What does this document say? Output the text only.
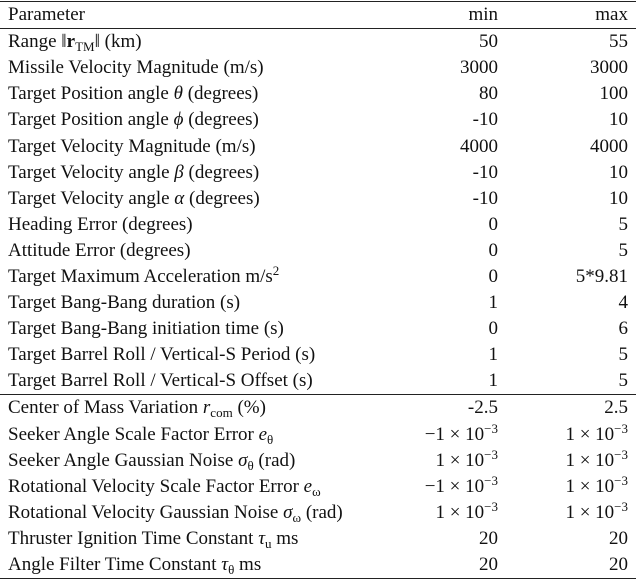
Parameter	min	max
Range $‖r_{TM}‖$ (km)	50	55
Missile Velocity Magnitude (m/s)	3000	3000
Target Position angle θ (degrees)	80	100
Target Position angle ϕ (degrees)	-10	10
Target Velocity Magnitude (m/s)	4000	4000
Target Velocity angle β (degrees)	-10	10
Target Velocity angle α (degrees)	-10	10
Heading Error (degrees)	0	5
Attitude Error (degrees)	0	5
Target Maximum Acceleration $m/s^2$	0	5*9.81
Target Bang-Bang duration (s)	1	4
Target Bang-Bang initiation time (s)	0	6
Target Barrel Roll / Vertical-S Period (s)	1	5
Target Barrel Roll / Vertical-S Offset (s)	1	5
Center of Mass Variation $r_{com}$ (%)	-2.5	2.5
Seeker Angle Scale Factor Error $e_\theta$	$-1 \times 10^{-3}$	$1 \times 10^{-3}$
Seeker Angle Gaussian Noise $\sigma_\theta$ (rad)	$1 \times 10^{-3}$	$1 \times 10^{-3}$
Rotational Velocity Scale Factor Error $e_\omega$	$-1 \times 10^{-3}$	$1 \times 10^{-3}$
Rotational Velocity Gaussian Noise $\sigma_\omega$ (rad)	$1 \times 10^{-3}$	$1 \times 10^{-3}$
Thruster Ignition Time Constant $\tau_u$ ms	20	20
Angle Filter Time Constant $\tau_\theta$ ms	20	20
